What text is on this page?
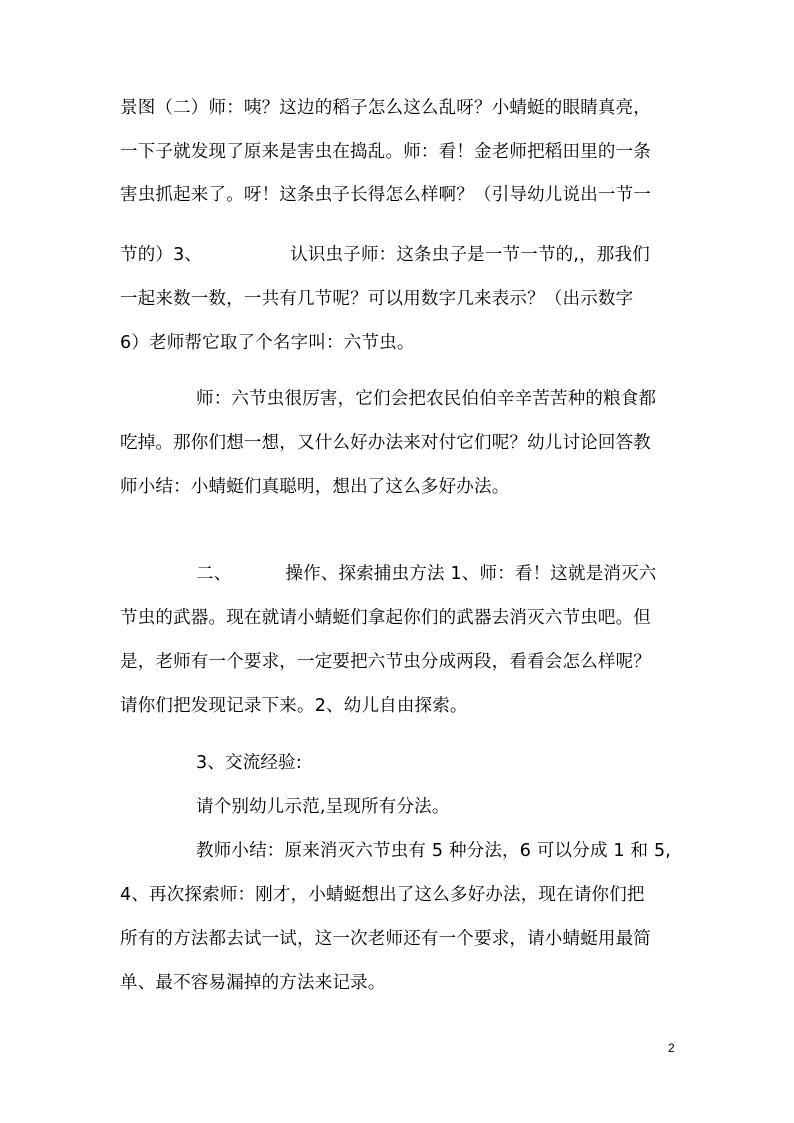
景图（二）师：咦？这边的稻子怎么这么乱呀？小蜻蜓的眼睛真亮，
一下子就发现了原来是害虫在捣乱。师：看！金老师把稻田里的一条
害虫抓起来了。呀！这条虫子长得怎么样啊？（引导幼儿说出一节一
节的）3、	认识虫子师：这条虫子是一节一节的,，那我们
一起来数一数，一共有几节呢？可以用数字几来表示？（出示数字
6）老师帮它取了个名字叫：六节虫。
师：六节虫很厉害，它们会把农民伯伯辛辛苦苦种的粮食都
吃掉。那你们想一想，又什么好办法来对付它们呢？幼儿讨论回答教
师小结：小蜻蜓们真聪明，想出了这么多好办法。
二、	操作、探索捕虫方法 1、师：看！这就是消灭六
节虫的武器。现在就请小蜻蜓们拿起你们的武器去消灭六节虫吧。但
是，老师有一个要求，一定要把六节虫分成两段，看看会怎么样呢？
请你们把发现记录下来。2、幼儿自由探索。
3、交流经验:
请个别幼儿示范,呈现所有分法。
教师小结：原来消灭六节虫有 5 种分法，6 可以分成 1 和 5,
4、再次探索师：刚才，小蜻蜓想出了这么多好办法，现在请你们把
所有的方法都去试一试，这一次老师还有一个要求，请小蜻蜓用最简
单、最不容易漏掉的方法来记录。
2
